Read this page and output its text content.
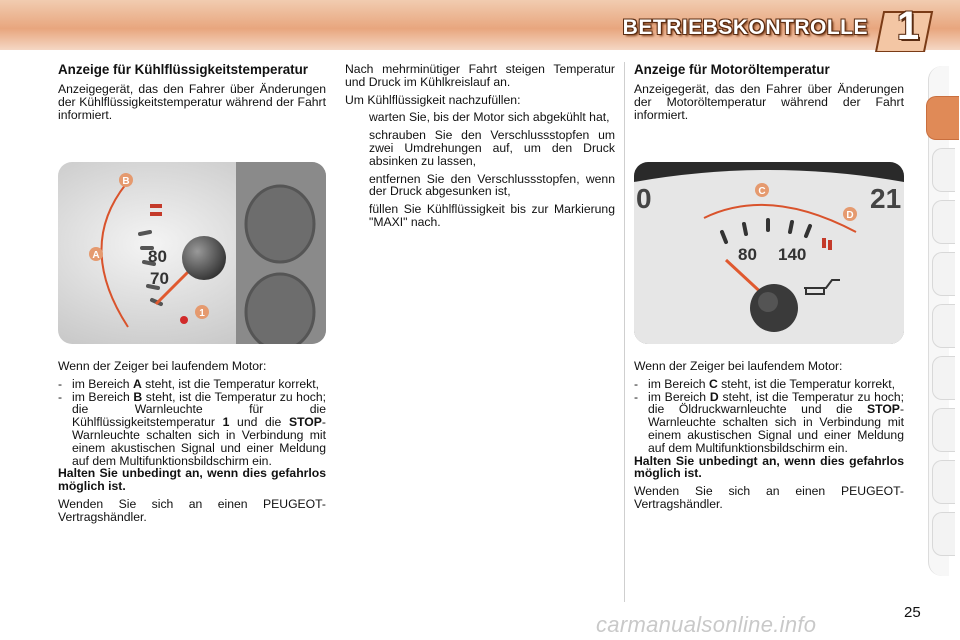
BETRIEBSKONTROLLE 1
Anzeige für Kühlflüssigkeitstemperatur

Anzeigegerät, das den Fahrer über Änderungen der Kühlflüssigkeitstemperatur während der Fahrt informiert.

B
A
1
80
70

Wenn der Zeiger bei laufendem Motor:

- im Bereich A steht, ist die Temperatur korrekt,
- im Bereich B steht, ist die Temperatur zu hoch; die Warnleuchte für die Kühlflüssigkeitstemperatur 1 und die STOP-Warnleuchte schalten sich in Verbindung mit einem akustischen Signal und einer Meldung auf dem Multifunktionsbildschirm ein.

Halten Sie unbedingt an, wenn dies gefahrlos möglich ist.

Wenden Sie sich an einen PEUGEOT-Vertragshändler.

Nach mehrminütiger Fahrt steigen Temperatur und Druck im Kühlkreislauf an.

Um Kühlflüssigkeit nachzufüllen:

warten Sie, bis der Motor sich abgekühlt hat,
schrauben Sie den Verschlussstopfen um zwei Umdrehungen auf, um den Druck absinken zu lassen,
entfernen Sie den Verschlussstopfen, wenn der Druck abgesunken ist,
füllen Sie Kühlflüssigkeit bis zur Markierung "MAXI" nach.
Anzeige für Motoröltemperatur

Anzeigegerät, das den Fahrer über Änderungen der Motoröltemperatur während der Fahrt informiert.

0	21
C
D
80 140

Wenn der Zeiger bei laufendem Motor:

- im Bereich C steht, ist die Temperatur korrekt,
- im Bereich D steht, ist die Temperatur zu hoch; die Öldruckwarnleuchte und die STOP-Warnleuchte schalten sich in Verbindung mit einem akustischen Signal und einer Meldung auf dem Multifunktionsbildschirm ein.

Halten Sie unbedingt an, wenn dies gefahrlos möglich ist.

Wenden Sie sich an einen PEUGEOT-Vertragshändler.

25
carmanualsonline.info
